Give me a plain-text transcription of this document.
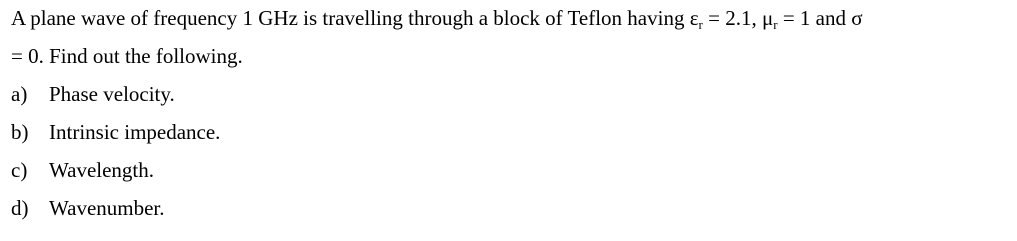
A plane wave of frequency 1 GHz is travelling through a block of Teflon having $\varepsilon_r = 2.1$, $\mu_r = 1$ and σ
= 0. Find out the following.
a) Phase velocity.
b) Intrinsic impedance.
c) Wavelength.
d) Wavenumber.
